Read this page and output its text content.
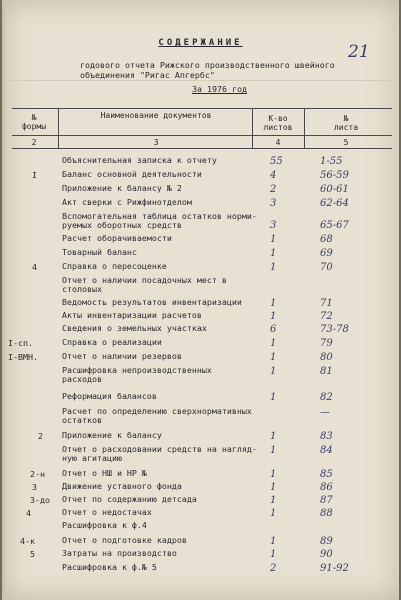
21
СОДЕРЖАНИЕ
годового отчета Рижского производственного швейного
объединения "Ригас Апгербс"
За 1976 год
№
формы
Наименование документов	К-во
листов
№
листа
2	3	4	5
Объяснительная записка к отчету	55	1-55
I	Баланс основной деятельности	4	56-59
Приложение к балансу № 2	2	60-61
Акт сверки с Рижфинотделом	3	62-64
Вспомогательная таблица остатков норми-
руемых оборотных средств	3	65-67
Расчет оборачиваемости	1	68
Товарный баланс	1	69
4	Справка о пересоценке	1	70
Отчет о наличии посадочных мест в
столовых
Ведомость результатов инвентаризации	1	71
Акты инвентаризации расчетов	1	72
Сведения о земельных участках	6	73-78
I-сп.	Справка о реализации	1	79
I-ВМН.	Отчет о наличии резервов	1	80
Расшифровка непроизводственных
расходов
1	81
Реформация балансов	1	82
Расчет по определению сверхнормативных
остатков
—
2	Приложение к балансу	1	83
Отчет о расходовании средств на нагляд-
ную агитацию
1	84
2-н	Отчет о НШ и НР №	1	85
3	Движение уставного фонда	1	86
3-до	Отчет по содержанию детсада	1	87
4	Отчет о недостачах	1	88
Расшифровка к ф.4
4-к	Отчет о подготовке кадров	1	89
5	Затраты на производство	1	90
Расшифровка к ф.№ 5	2	91-92
